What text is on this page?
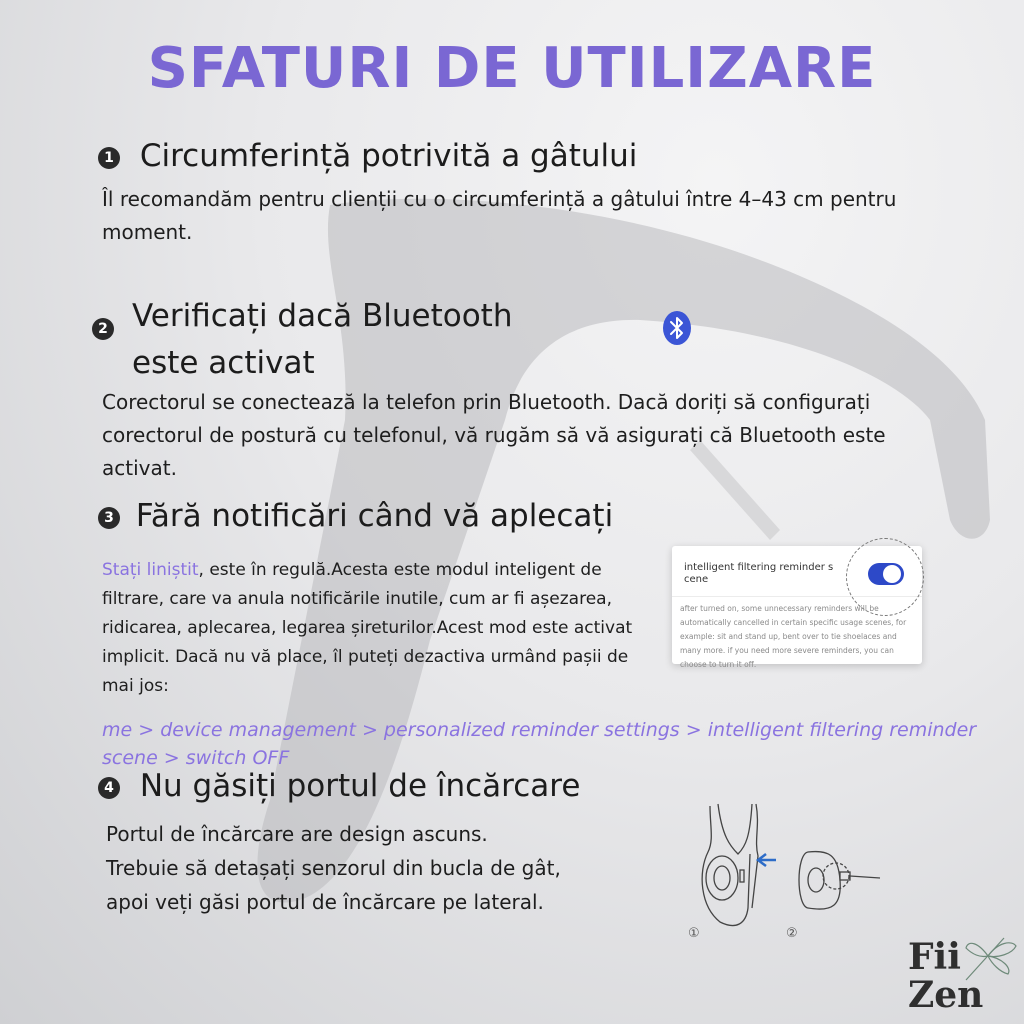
SFATURI DE UTILIZARE
1 Circumferință potrivită a gâtului
Îl recomandăm pentru clienții cu o circumferință a gâtului între 4–43 cm pentru moment.
2 Verificați dacă Bluetooth
este activat
Corectorul se conectează la telefon prin Bluetooth. Dacă doriți să configurați corectorul de postură cu telefonul, vă rugăm să vă asigurați că Bluetooth este activat.
3 Fără notificări când vă aplecați
Stați liniștit, este în regulă.Acesta este modul inteligent de filtrare, care va anula notificările inutile, cum ar fi așezarea, ridicarea, aplecarea, legarea șireturilor.Acest mod este activat implicit. Dacă nu vă place, îl puteți dezactiva urmând pașii de mai jos:
me > device management > personalized reminder settings > intelligent filtering reminder scene > switch OFF
intelligent filtering reminder s cene
after turned on, some unnecessary reminders will be automatically cancelled in certain specific usage scenes, for example: sit and stand up, bent over to tie shoelaces and many more. if you need more severe reminders, you can choose to turn it off.
4 Nu găsiți portul de încărcare
Portul de încărcare are design ascuns.
Trebuie să detașați senzorul din bucla de gât,
apoi veți găsi portul de încărcare pe lateral.
①	②
Fii
Zen
